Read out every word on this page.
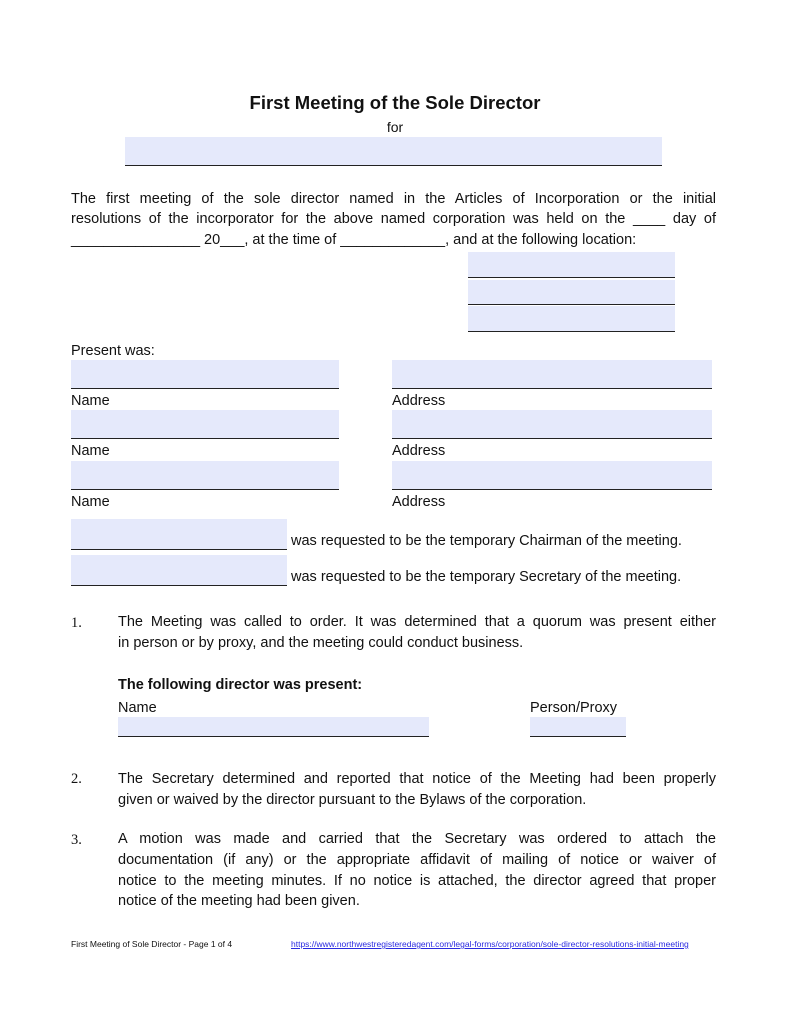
First Meeting of the Sole Director
for
The first meeting of the sole director named in the Articles of Incorporation or the initial
resolutions of the incorporator for the above named corporation was held on the ____ day of
________________ 20___, at the time of _____________, and at the following location:
Present was:
Name	Address
Name	Address
Name	Address
was requested to be the temporary Chairman of the meeting.
was requested to be the temporary Secretary of the meeting.
1. The Meeting was called to order. It was determined that a quorum was present either
in person or by proxy, and the meeting could conduct business.
The following director was present:
Name	Person/Proxy
2. The Secretary determined and reported that notice of the Meeting had been properly
given or waived by the director pursuant to the Bylaws of the corporation.
3. A motion was made and carried that the Secretary was ordered to attach the
documentation (if any) or the appropriate affidavit of mailing of notice or waiver of
notice to the meeting minutes. If no notice is attached, the director agreed that proper
notice of the meeting had been given.
First Meeting of Sole Director - Page 1 of 4	https://www.northwestregisteredagent.com/legal-forms/corporation/sole-director-resolutions-initial-meeting
